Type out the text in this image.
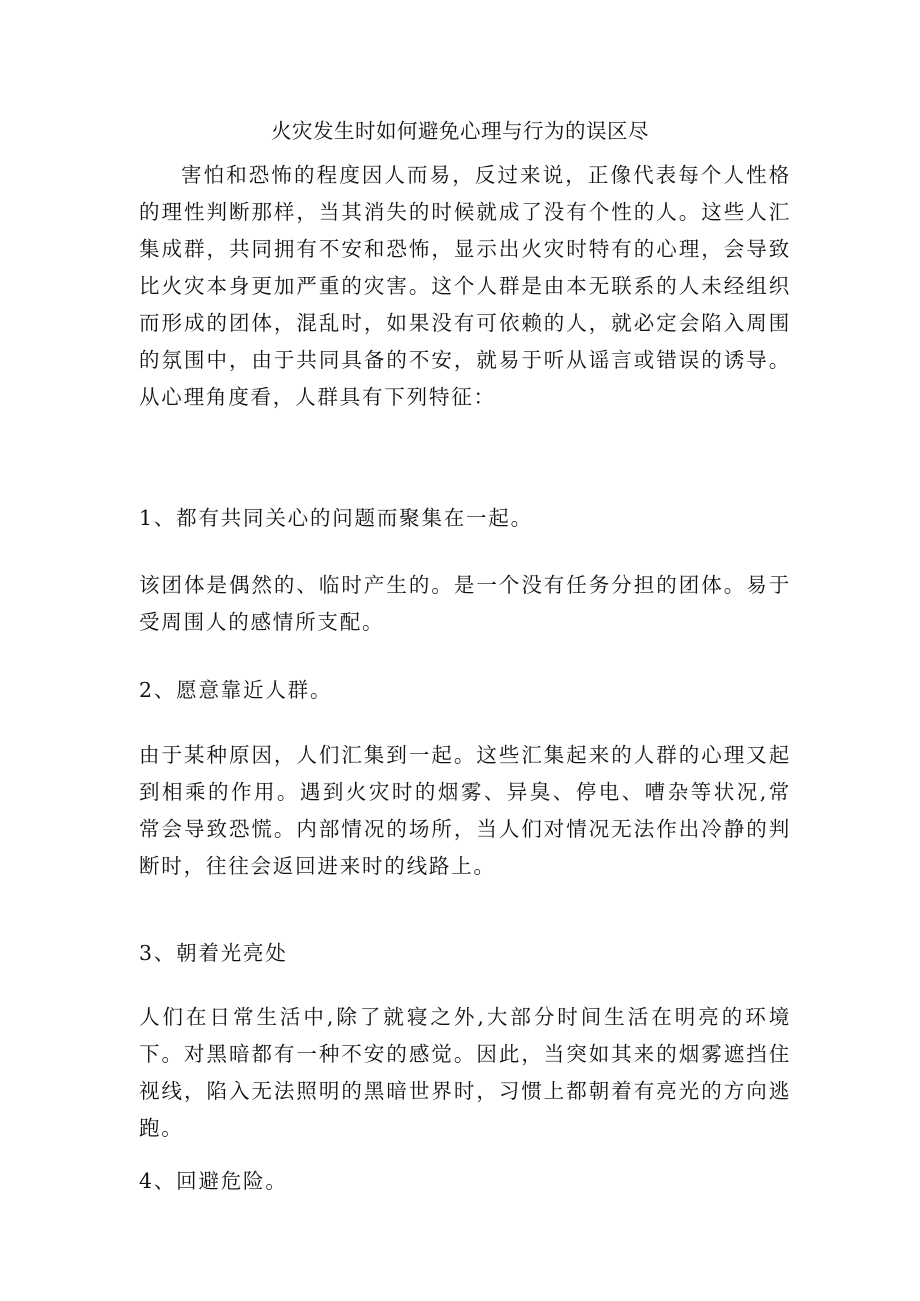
火灾发生时如何避免心理与行为的误区尽

害怕和恐怖的程度因人而易，反过来说，正像代表每个人性格的理性判断那样，当其消失的时候就成了没有个性的人。这些人汇集成群，共同拥有不安和恐怖，显示出火灾时特有的心理，会导致比火灾本身更加严重的灾害。这个人群是由本无联系的人未经组织而形成的团体，混乱时，如果没有可依赖的人，就必定会陷入周围的氛围中，由于共同具备的不安，就易于听从谣言或错误的诱导。从心理角度看，人群具有下列特征：

1、都有共同关心的问题而聚集在一起。

该团体是偶然的、临时产生的。是一个没有任务分担的团体。易于受周围人的感情所支配。

2、愿意靠近人群。

由于某种原因，人们汇集到一起。这些汇集起来的人群的心理又起到相乘的作用。遇到火灾时的烟雾、异臭、停电、嘈杂等状况,常常会导致恐慌。内部情况的场所，当人们对情况无法作出冷静的判断时，往往会返回进来时的线路上。

3、朝着光亮处

人们在日常生活中,除了就寝之外,大部分时间生活在明亮的环境下。对黑暗都有一种不安的感觉。因此，当突如其来的烟雾遮挡住视线，陷入无法照明的黑暗世界时，习惯上都朝着有亮光的方向逃跑。

4、回避危险。
